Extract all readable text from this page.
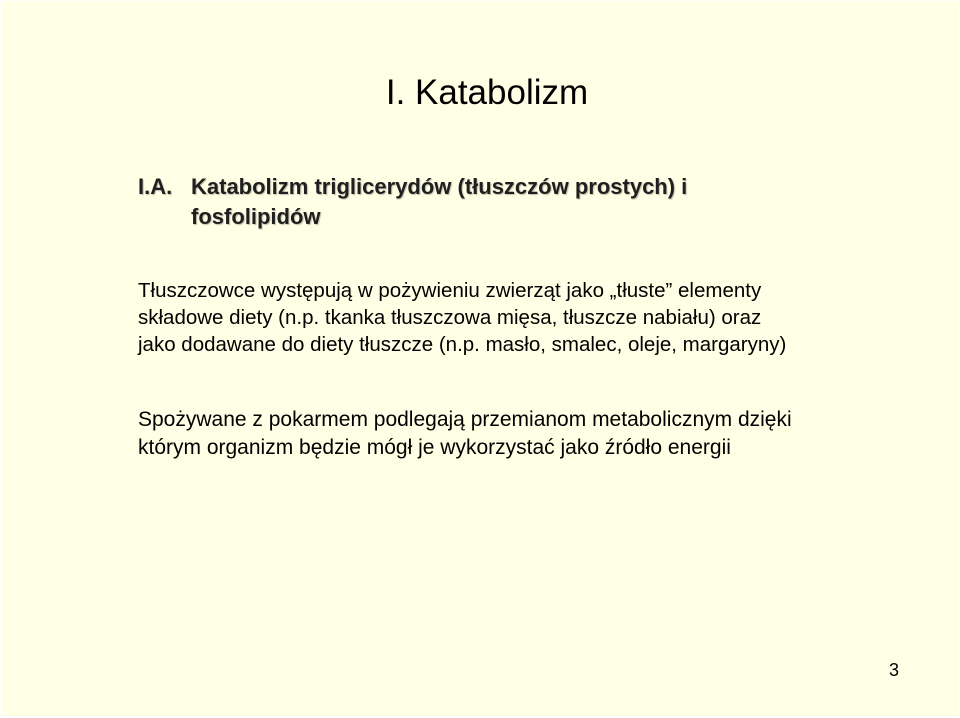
I. Katabolizm
I.A. Katabolizm triglicerydów (tłuszczów prostych) i
fosfolipidów
Tłuszczowce występują w pożywieniu zwierząt jako „tłuste” elementy
składowe diety (n.p. tkanka tłuszczowa mięsa, tłuszcze nabiału) oraz
jako dodawane do diety tłuszcze (n.p. masło, smalec, oleje, margaryny)
Spożywane z pokarmem podlegają przemianom metabolicznym dzięki
którym organizm będzie mógł je wykorzystać jako źródło energii
3
